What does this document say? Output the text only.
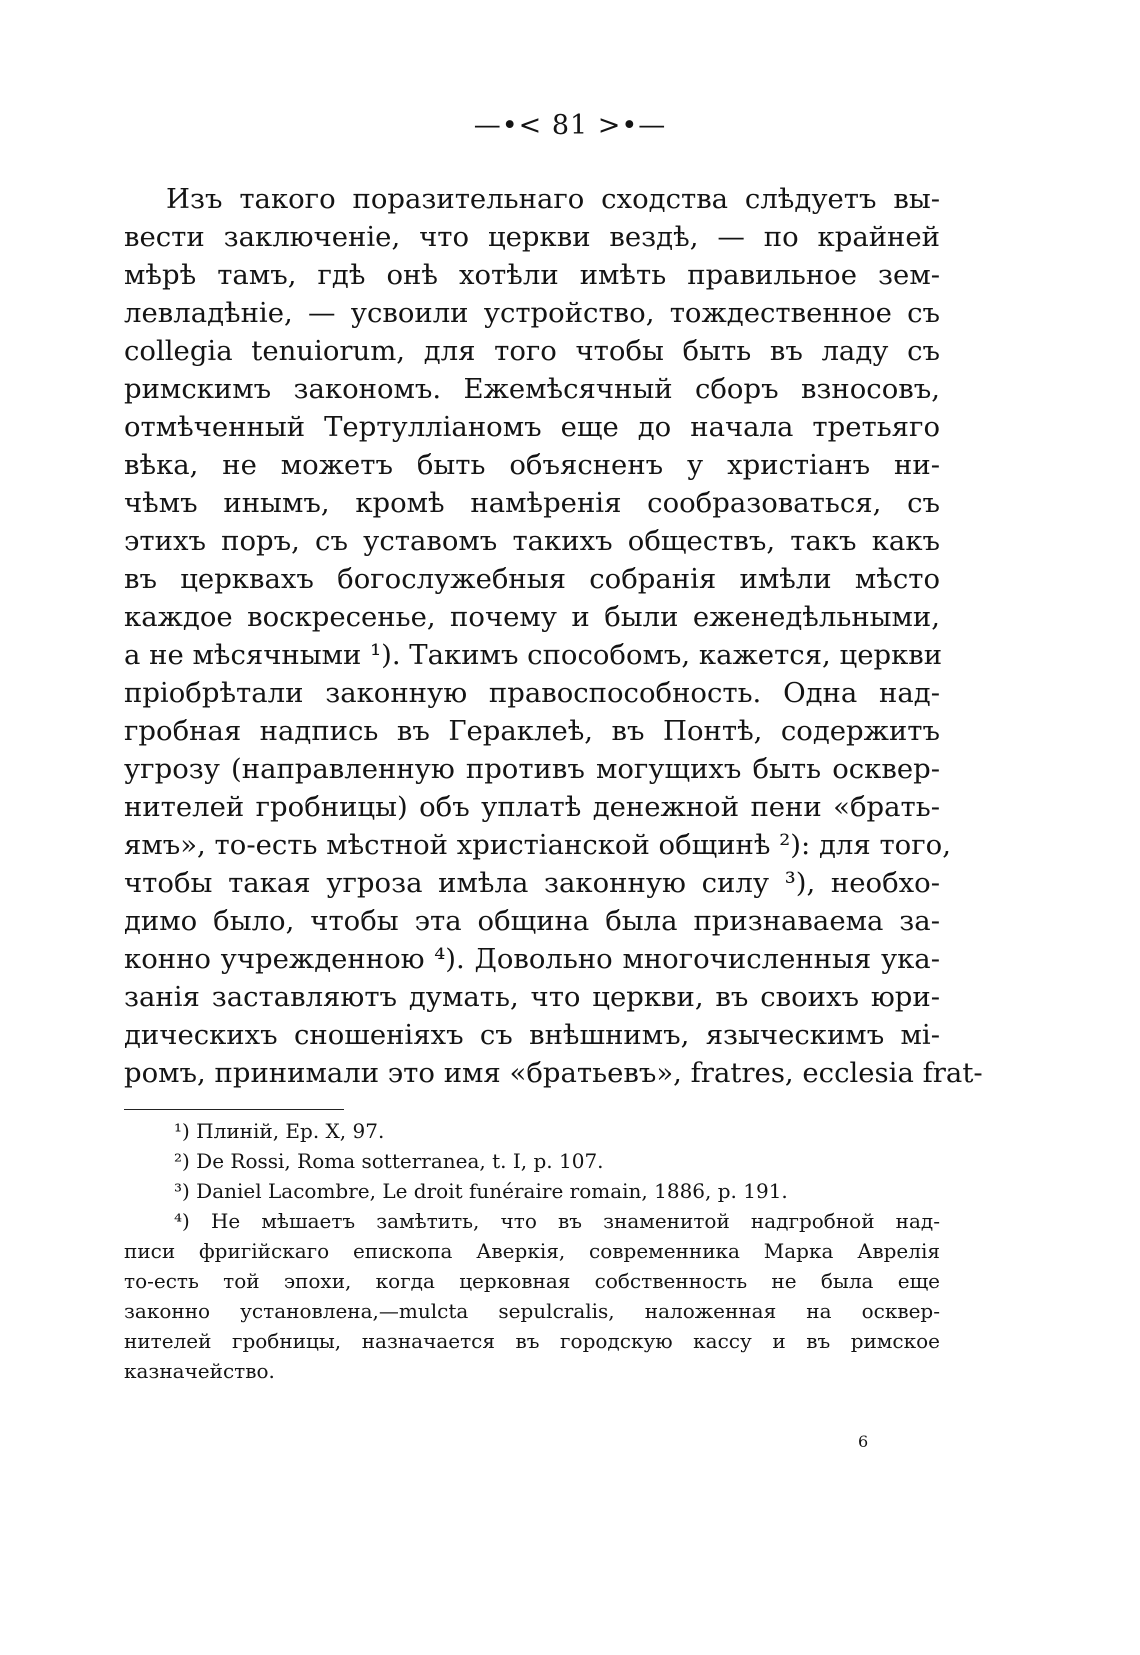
—•< 81 >•—
Изъ такого поразительнаго сходства слѣдуетъ вы-
вести заключенiе, что церкви вездѣ, — по крайней
мѣрѣ тамъ, гдѣ онѣ хотѣли имѣть правильное зем-
левладѣнiе, — усвоили устройство, тождественное съ
collegia tenuiorum, для того чтобы быть въ ладу съ
римскимъ закономъ. Ежемѣсячный сборъ взносовъ,
отмѣченный Тертулліаномъ еще до начала третьяго
вѣка, не можетъ быть объясненъ у христiанъ ни-
чѣмъ инымъ, кромѣ намѣренiя сообразоваться, съ
этихъ поръ, съ уставомъ такихъ обществъ, такъ какъ
въ церквахъ богослужебныя собранiя имѣли мѣсто
каждое воскресенье, почему и были еженедѣльными,
а не мѣсячными ¹). Такимъ способомъ, кажется, церкви
прiобрѣтали законную правоспособность. Одна над-
гробная надпись въ Гераклеѣ, въ Понтѣ, содержитъ
угрозу (направленную противъ могущихъ быть осквер-
нителей гробницы) объ уплатѣ денежной пени «брать-
ямъ», то-есть мѣстной христiанской общинѣ ²): для того,
чтобы такая угроза имѣла законную силу ³), необхо-
димо было, чтобы эта община была признаваема за-
конно учрежденною ⁴). Довольно многочисленныя ука-
занiя заставляютъ думать, что церкви, въ своихъ юри-
дическихъ сношенiяхъ съ внѣшнимъ, языческимъ мi-
ромъ, принимали это имя «братьевъ», fratres, ecclesia frat-
¹) Плинiй, Ep. X, 97.
²) De Rossi, Roma sotterranea, t. I, p. 107.
³) Daniel Lacombre, Le droit funéraire romain, 1886, p. 191.
⁴) Не мѣшаетъ замѣтить, что въ знаменитой надгробной над-
писи фригiйскаго епископа Аверкiя, современника Марка Аврелiя
то-есть той эпохи, когда церковная собственность не была еще
законно установлена,—mulcta sepulcralis, наложенная на осквер-
нителей гробницы, назначается въ городскую кассу и въ римское
казначейство.
6
